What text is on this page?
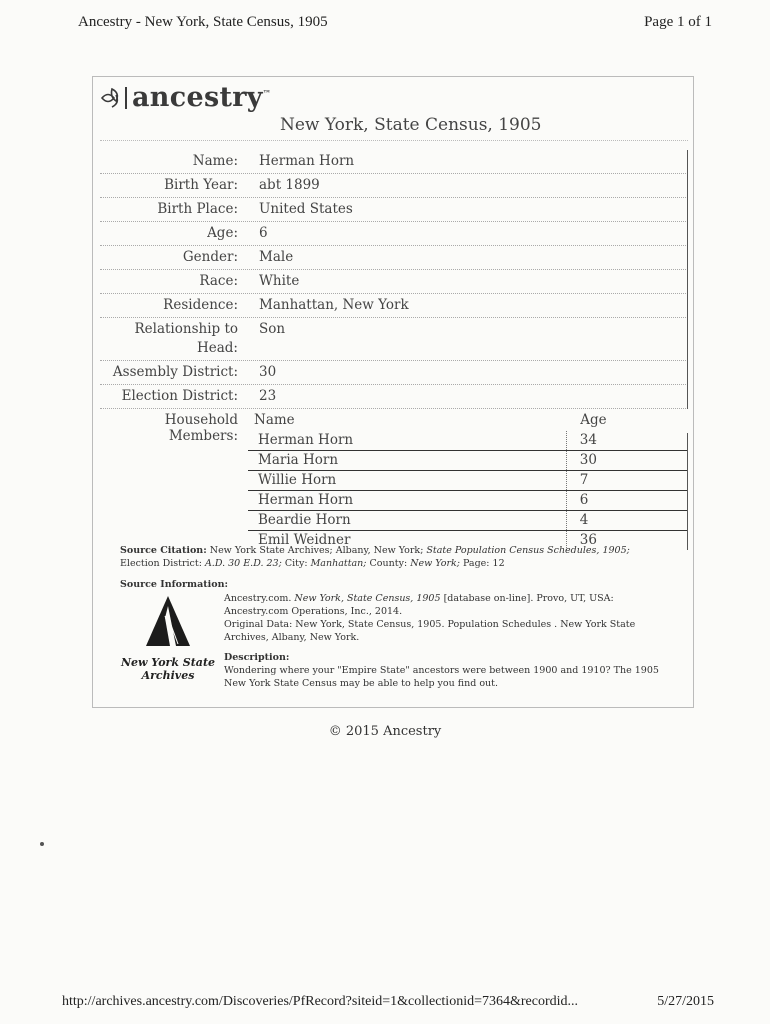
Ancestry - New York, State Census, 1905	Page 1 of 1
ancestry™
New York, State Census, 1905
Name:	Herman Horn
Birth Year:	abt 1899
Birth Place:	United States
Age:	6
Gender:	Male
Race:	White
Residence:	Manhattan, New York
Relationship to Head:
Son
Assembly District:	30
Election District:	23
Household Members:
Name	Age
Herman Horn	34
Maria Horn	30
Willie Horn	7
Herman Horn	6
Beardie Horn	4
Emil Weidner	36
Source Citation: New York State Archives; Albany, New York; State Population Census Schedules, 1905; Election District: A.D. 30 E.D. 23; City: Manhattan; County: New York; Page: 12
Source Information:
New York State
Archives
Ancestry.com. New York, State Census, 1905 [database on-line]. Provo, UT, USA: Ancestry.com Operations, Inc., 2014.
Original Data: New York, State Census, 1905. Population Schedules . New York State Archives, Albany, New York.
Description:
Wondering where your "Empire State" ancestors were between 1900 and 1910? The 1905 New York State Census may be able to help you find out.
© 2015 Ancestry
http://archives.ancestry.com/Discoveries/PfRecord?siteid=1&collectionid=7364&recordid...	5/27/2015
